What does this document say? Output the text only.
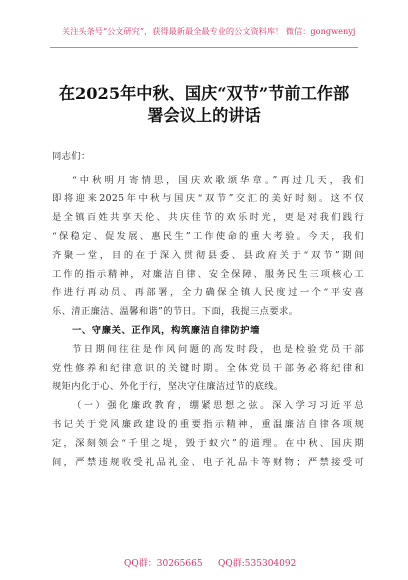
关注头条号“公文研究”，获得最新最全最专业的公文资料库！ 微信：gongwenyj
在2025年中秋、国庆“双节”节前工作部
署会议上的讲话
同志们：
“中秋明月寄情思，国庆欢歌颂华章。”再过几天，我们
即将迎来2025年中秋与国庆“双节”交汇的美好时刻。这不仅
是全镇百姓共享天伦、共庆佳节的欢乐时光，更是对我们践行
“保稳定、促发展、惠民生”工作使命的重大考验。今天，我们
齐聚一堂，目的在于深入贯彻县委、县政府关于“双节”期间
工作的指示精神，对廉洁自律、安全保障、服务民生三项核心工
作进行再动员、再部署，全力确保全镇人民度过一个“平安喜
乐、清正廉洁、温馨和谐”的节日。下面，我提三点要求。
一、守廉关、正作风，构筑廉洁自律防护墙
节日期间往往是作风问题的高发时段，也是检验党员干部
党性修养和纪律意识的关键时期。全体党员干部务必将纪律和
规矩内化于心、外化于行，坚决守住廉洁过节的底线。
（一）强化廉政教育，绷紧思想之弦。深入学习习近平总
书记关于党风廉政建设的重要指示精神，重温廉洁自律各项规
定，深刻领会“千里之堤，毁于蚁穴”的道理。在中秋、国庆期
间，严禁违规收受礼品礼金、电子礼品卡等财物；严禁接受可
QQ群：30265665 QQ群:535304092
